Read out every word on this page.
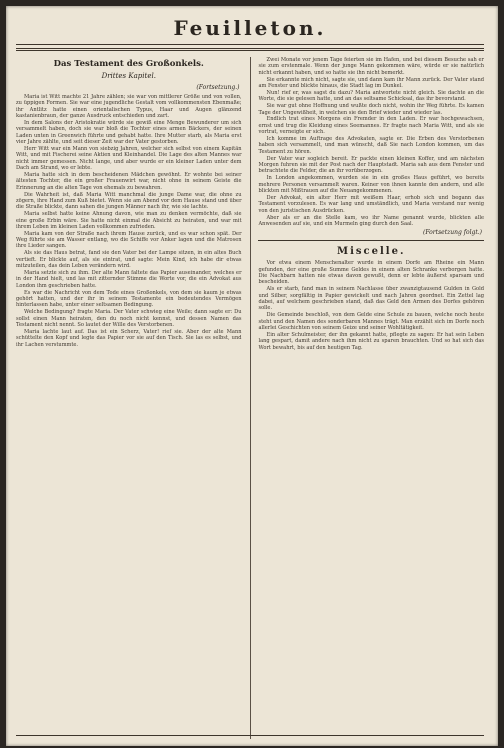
Feuilleton.
Das Testament des Großonkels.
Drittes Kapitel.
(Fortsetzung.)

Maria ist Witt machte 21 Jahre zählen; sie war von mittlerer Größe und von vollen, zu üppigen Formen. Sie war eine jugendliche Gestalt vom vollkommensten Ebenmaße; ihr Antlitz hatte einen orientalischen Typus, Haar und Augen glänzend kastanienbraun, der ganze Ausdruck entschieden und zart.

In dem Salons der Aristokratie würde sie gewiß eine Menge Bewunderer um sich versammelt haben, doch sie war bloß die Tochter eines armen Bäckers, der seinen Laden unten in Greenwich führte und gehabt hatte. Ihre Mutter starb, als Maria erst vier Jahre zählte, und seit dieser Zeit war der Vater gestorben.

Herr Witt war ein Mann von siebzig Jahren, welcher sich selbst von einem Kapitän Witt, und mit Fischerei seine Aktien und Kleinhandel. Die Lage des alten Mannes war nicht immer gemessen. Nicht lange, und aber wurde er ein kleiner Laden unter dem Dach am Strand, wo er lebte.

Maria hatte sich in dem bescheidenen Mädchen gewöhnt. Er wohnte bei seiner ältesten Tochter, die ein großer Frauenwirt war, nicht ohne in seinem Geiste die Erinnerung an die alten Tage von ehemals zu bewahren.

Die Wahrheit ist, daß Maria Witt manchmal die junge Dame war, die ohne zu zögern, ihre Hand zum Kuß bietet. Wenn sie am Abend vor dem Hause stand und über die Straße blickte, dann sahen die jungen Männer nach ihr, wie sie lachte.

Maria selbst hatte keine Ahnung davon, wie man zu denken vermöchte, daß sie eine große Erbin wäre. Sie hatte nicht einmal die Absicht zu heiraten, und war mit ihrem Leben im kleinen Laden vollkommen zufrieden.

Maria kam von der Straße nach ihrem Hause zurück, und es war schon spät. Der Weg führte sie am Wasser entlang, wo die Schiffe vor Anker lagen und die Matrosen ihre Lieder sangen.

Als sie das Haus betrat, fand sie den Vater bei der Lampe sitzen, in ein altes Buch vertieft. Er blickte auf, als sie eintrat, und sagte: Mein Kind, ich habe dir etwas mitzuteilen, das dein Leben verändern wird.

Maria setzte sich zu ihm. Der alte Mann faltete das Papier auseinander, welches er in der Hand hielt, und las mit zitternder Stimme die Worte vor, die ein Advokat aus London ihm geschrieben hatte.

Es war die Nachricht von dem Tode eines Großonkels, von dem sie kaum je etwas gehört hatten, und der ihr in seinem Testamente ein bedeutendes Vermögen hinterlassen habe, unter einer seltsamen Bedingung.

Welche Bedingung? fragte Maria. Der Vater schwieg eine Weile; dann sagte er: Du sollst einen Mann heiraten, den du noch nicht kennst, und dessen Namen das Testament nicht nennt. So lautet der Wille des Verstorbenen.

Maria lachte laut auf. Das ist ein Scherz, Vater! rief sie. Aber der alte Mann schüttelte den Kopf und legte das Papier vor sie auf den Tisch. Sie las es selbst, und ihr Lachen verstummte.

Zwei Monate vor jenem Tage feierten sie im Hafen, und bei diesem Besuche sah er sie zum erstenmale. Wenn der junge Mann gekommen wäre, würde er sie natürlich nicht erkannt haben, und so hatte sie ihn nicht bemerkt.

Sie erkannte mich nicht, sagte sie, und dann kam ihr Mann zurück. Der Vater stand am Fenster und blickte hinaus, die Stadt lag im Dunkel.

Nun! rief er, was sagst du dazu? Maria antwortete nicht gleich. Sie dachte an die Worte, die sie gelesen hatte, und an das seltsame Schicksal, das ihr bevorstand.

Sie war gut ohne Hoffnung und wußte doch nicht, wohin ihr Weg führte. Es kamen Tage der Ungewißheit, in welchen sie den Brief wieder und wieder las.

Endlich trat eines Morgens ein Fremder in den Laden. Er war hochgewachsen, ernst und trug die Kleidung eines Seemannes. Er fragte nach Maria Witt, und als sie vortrat, verneigte er sich.

Ich komme im Auftrage des Advokaten, sagte er. Die Erben des Verstorbenen haben sich versammelt, und man wünscht, daß Sie nach London kommen, um das Testament zu hören.

Der Vater war sogleich bereit. Er packte einen kleinen Koffer, und am nächsten Morgen fuhren sie mit der Post nach der Hauptstadt. Maria sah aus dem Fenster und betrachtete die Felder, die an ihr vorüberzogen.

In London angekommen, wurden sie in ein großes Haus geführt, wo bereits mehrere Personen versammelt waren. Keiner von ihnen kannte den andern, und alle blickten mit Mißtrauen auf die Neuangekommenen.

Der Advokat, ein alter Herr mit weißem Haar, erhob sich und begann das Testament vorzulesen. Es war lang und umständlich, und Maria verstand nur wenig von den juristischen Ausdrücken.

Aber als er an die Stelle kam, wo ihr Name genannt wurde, blickten alle Anwesenden auf sie, und ein Murmeln ging durch den Saal.

(Fortsetzung folgt.)
Miscelle.

Vor etwa einem Menschenalter wurde in einem Dorfe am Rheine ein Mann gefunden, der eine große Summe Geldes in einem alten Schranke verborgen hatte. Die Nachbarn hatten nie etwas davon gewußt, denn er lebte äußerst sparsam und bescheiden.

Als er starb, fand man in seinem Nachlasse über zwanzigtausend Gulden in Gold und Silber, sorgfältig in Papier gewickelt und nach Jahren geordnet. Ein Zettel lag dabei, auf welchem geschrieben stand, daß das Geld den Armen des Dorfes gehören solle.

Die Gemeinde beschloß, von dem Gelde eine Schule zu bauen, welche noch heute steht und den Namen des sonderbaren Mannes trägt. Man erzählt sich im Dorfe noch allerlei Geschichten von seinem Geize und seiner Wohltätigkeit.

Ein alter Schulmeister, der ihn gekannt hatte, pflegte zu sagen: Er hat sein Leben lang gespart, damit andere nach ihm nicht zu sparen brauchten. Und so hat sich das Wort bewahrt, bis auf den heutigen Tag.
